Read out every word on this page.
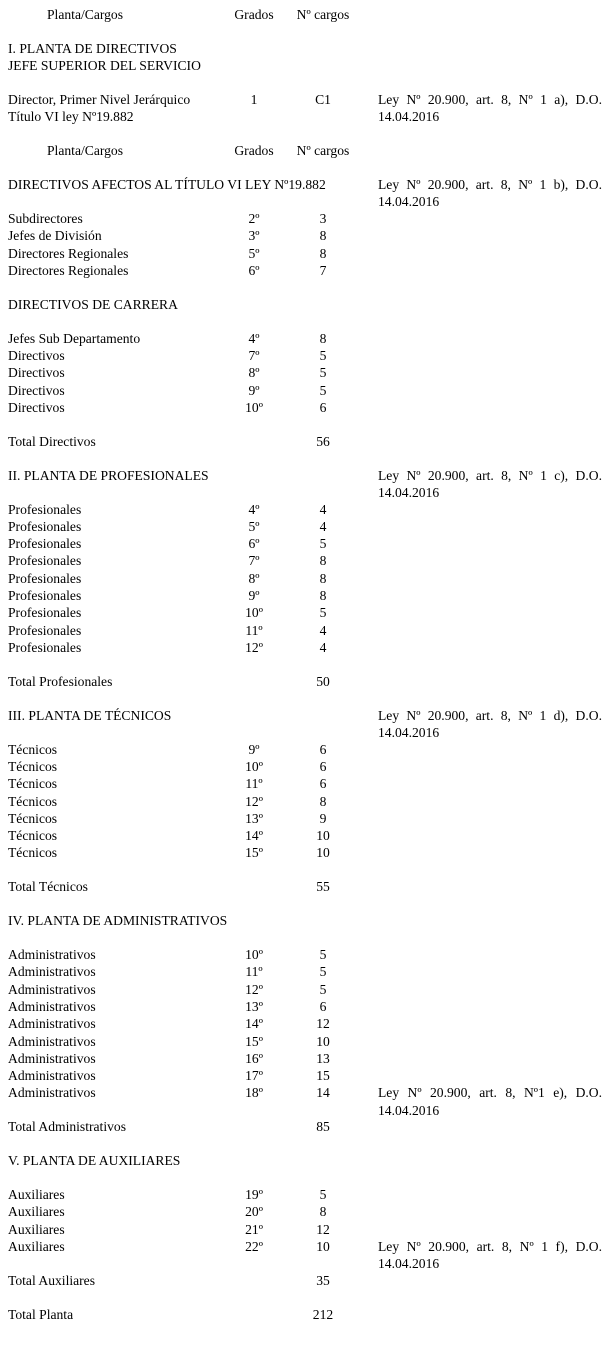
Planta/Cargos	Grados Nº cargos
I. PLANTA DE DIRECTIVOS
JEFE SUPERIOR DEL SERVICIO
Director, Primer Nivel Jerárquico
Título VI ley Nº19.882
1	C1	Ley Nº 20.900, art. 8, Nº 1 a), D.O. 14.04.2016
Planta/Cargos	Grados Nº cargos
DIRECTIVOS AFECTOS AL TÍTULO VI LEY Nº19.882	Ley Nº 20.900, art. 8, Nº 1 b), D.O. 14.04.2016
Subdirectores	2º	3
Jefes de División	3º	8
Directores Regionales	5º	8
Directores Regionales	6º	7
DIRECTIVOS DE CARRERA
Jefes Sub Departamento	4º	8
Directivos	7º	5
Directivos	8º	5
Directivos	9º	5
Directivos	10º	6
Total Directivos	56
II. PLANTA DE PROFESIONALES	Ley Nº 20.900, art. 8, Nº 1 c), D.O. 14.04.2016
Profesionales	4º	4
Profesionales	5º	4
Profesionales	6º	5
Profesionales	7º	8
Profesionales	8º	8
Profesionales	9º	8
Profesionales	10º	5
Profesionales	11º	4
Profesionales	12º	4
Total Profesionales	50
III. PLANTA DE TÉCNICOS	Ley Nº 20.900, art. 8, Nº 1 d), D.O. 14.04.2016
Técnicos	9º	6
Técnicos	10º	6
Técnicos	11º	6
Técnicos	12º	8
Técnicos	13º	9
Técnicos	14º	10
Técnicos	15º	10
Total Técnicos	55
IV. PLANTA DE ADMINISTRATIVOS
Administrativos	10º	5
Administrativos	11º	5
Administrativos	12º	5
Administrativos	13º	6
Administrativos	14º	12
Administrativos	15º	10
Administrativos	16º	13
Administrativos	17º	15
Administrativos	18º	14	Ley Nº 20.900, art. 8, Nº1 e), D.O. 14.04.2016
Total Administrativos	85
V. PLANTA DE AUXILIARES
Auxiliares	19º	5
Auxiliares	20º	8
Auxiliares	21º	12
Auxiliares	22º	10	Ley Nº 20.900, art. 8, Nº 1 f), D.O. 14.04.2016
Total Auxiliares	35
Total Planta	212
